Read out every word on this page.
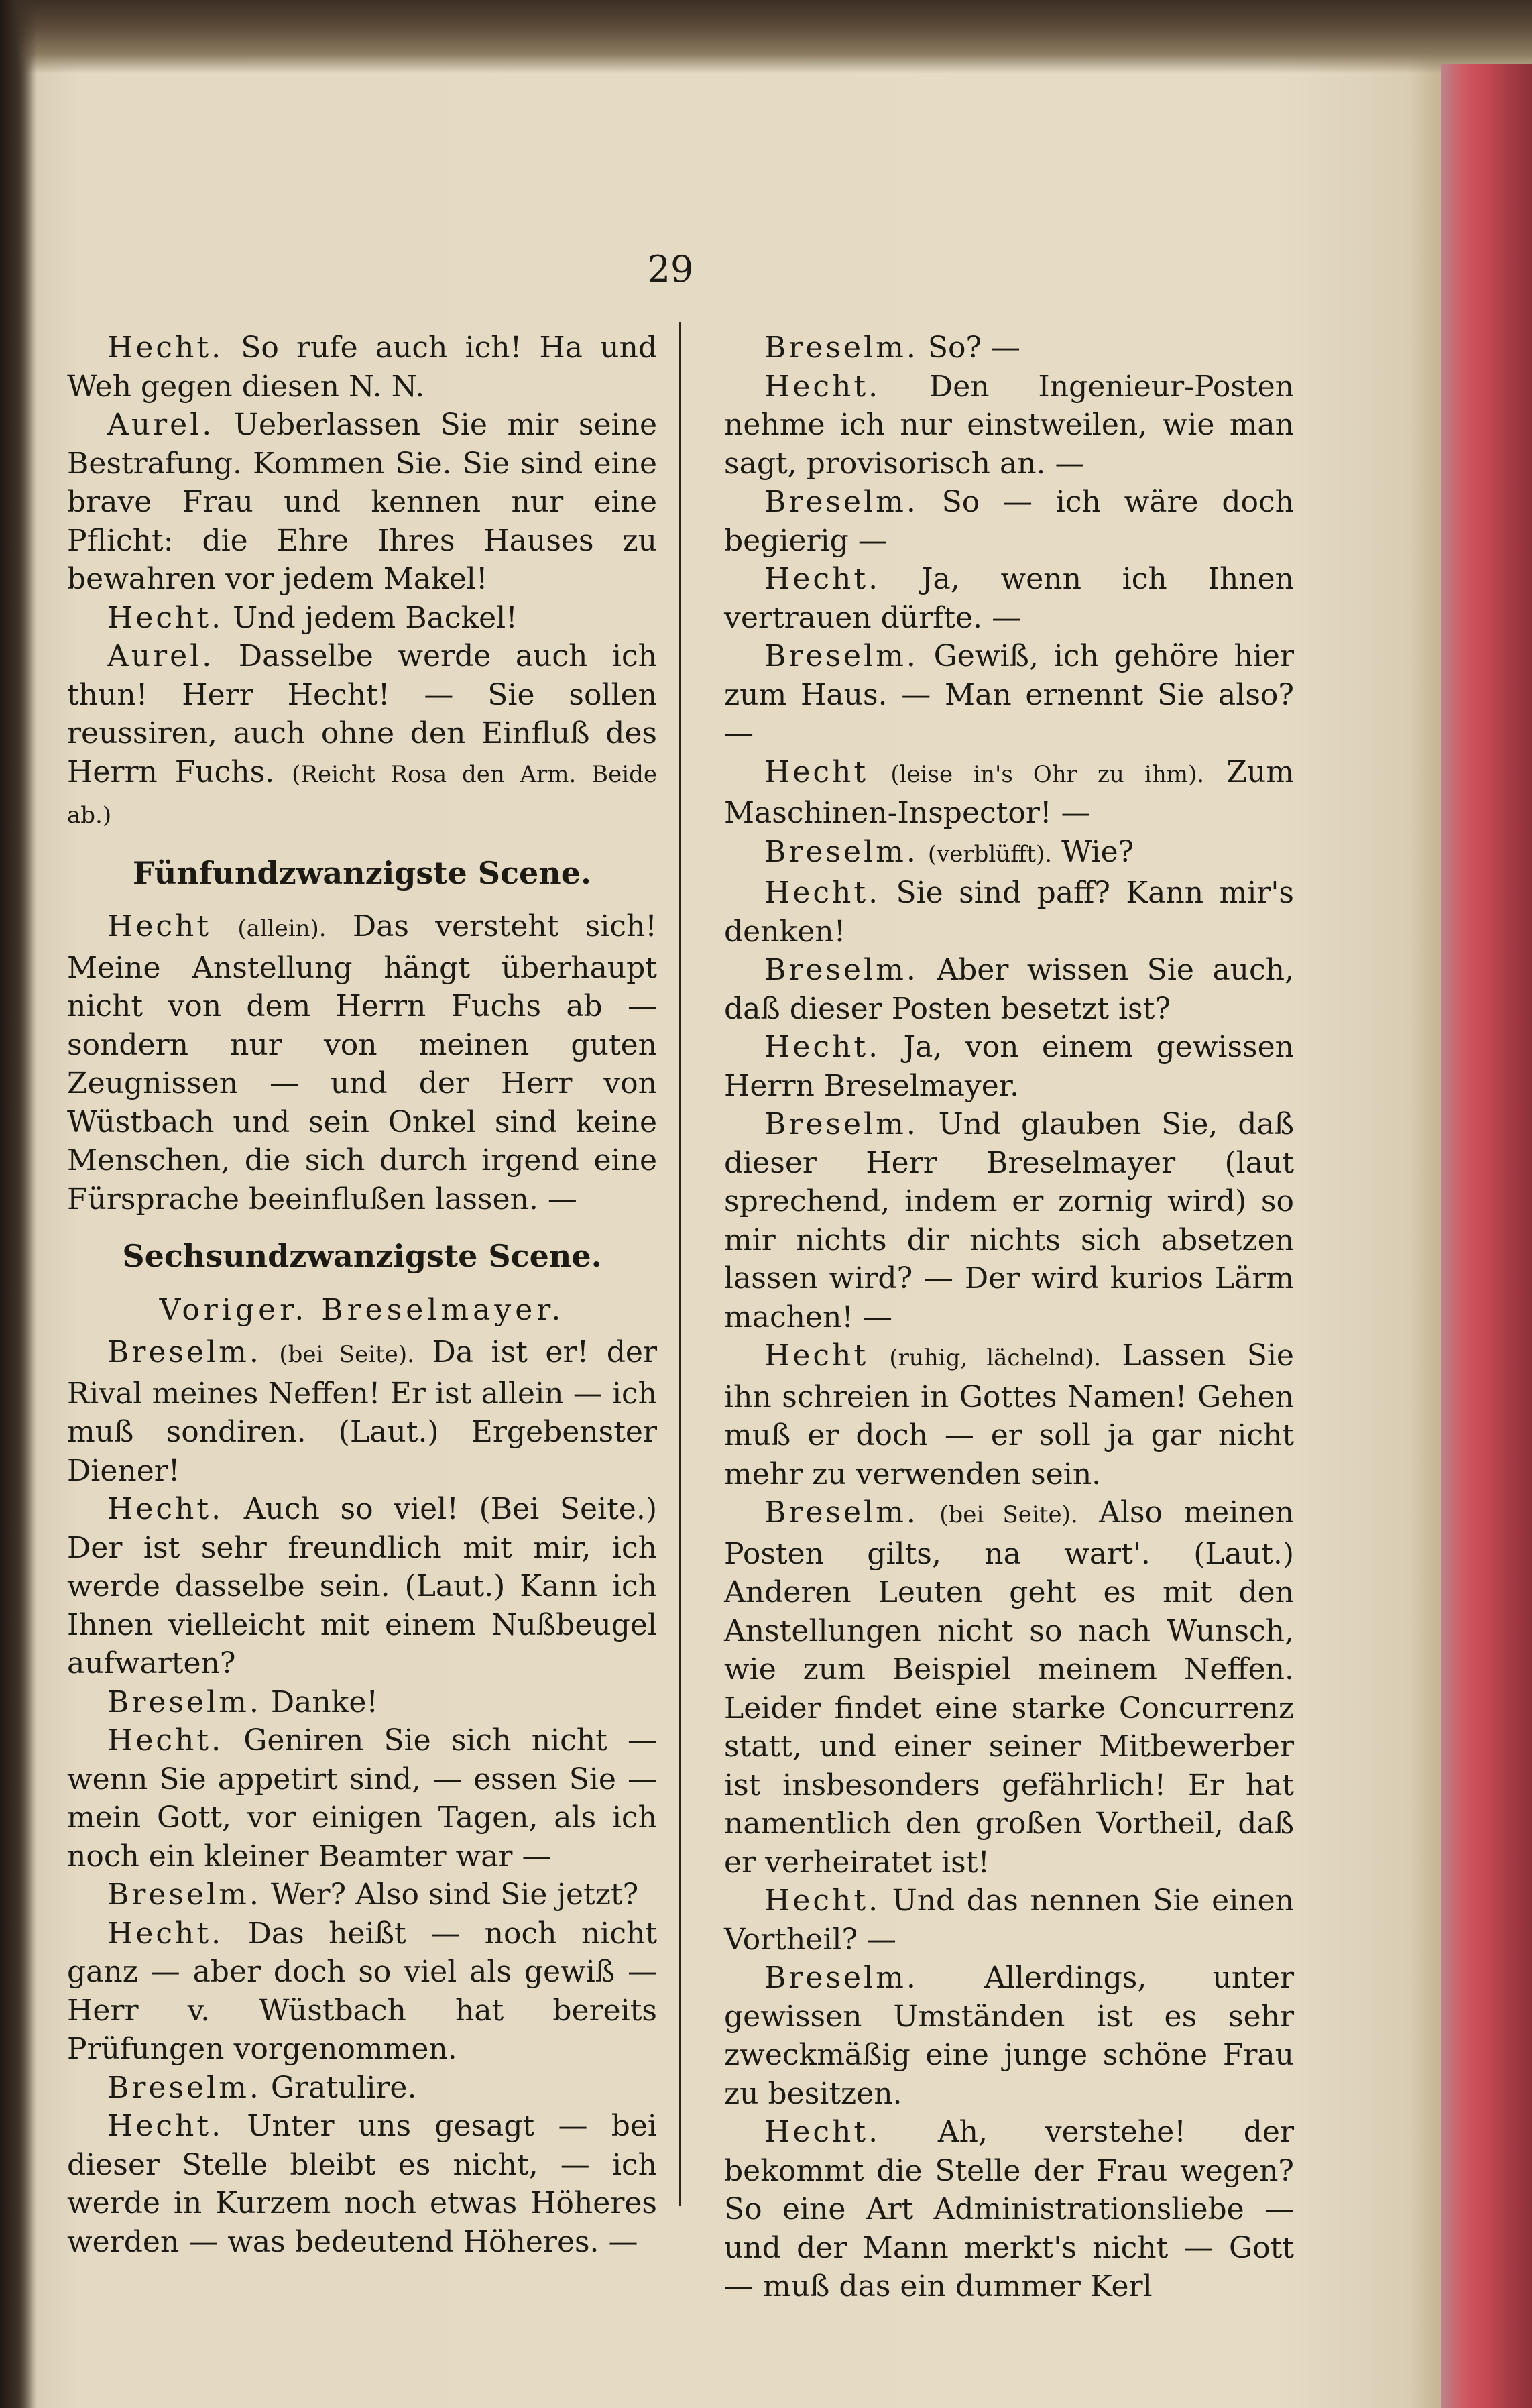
29

Hecht. So rufe auch ich! Ha und Weh gegen diesen N. N.

Aurel. Ueberlassen Sie mir seine Bestrafung. Kommen Sie. Sie sind eine brave Frau und kennen nur eine Pflicht: die Ehre Ihres Hauses zu bewahren vor jedem Makel!

Hecht. Und jedem Backel!

Aurel. Dasselbe werde auch ich thun! Herr Hecht! — Sie sollen reussiren, auch ohne den Einfluß des Herrn Fuchs. (Reicht Rosa den Arm. Beide ab.)

Fünfundzwanzigste Scene.

Hecht (allein). Das versteht sich! Meine Anstellung hängt überhaupt nicht von dem Herrn Fuchs ab — sondern nur von meinen guten Zeugnissen — und der Herr von Wüstbach und sein Onkel sind keine Menschen, die sich durch irgend eine Fürsprache beeinflußen lassen. —

Sechsundzwanzigste Scene.
Voriger. Breselmayer.

Breselm. (bei Seite). Da ist er! der Rival meines Neffen! Er ist allein — ich muß sondiren. (Laut.) Ergebenster Diener!

Hecht. Auch so viel! (Bei Seite.) Der ist sehr freundlich mit mir, ich werde dasselbe sein. (Laut.) Kann ich Ihnen vielleicht mit einem Nußbeugel aufwarten?

Breselm. Danke!

Hecht. Geniren Sie sich nicht — wenn Sie appetirt sind, — essen Sie — mein Gott, vor einigen Tagen, als ich noch ein kleiner Beamter war —

Breselm. Wer? Also sind Sie jetzt?

Hecht. Das heißt — noch nicht ganz — aber doch so viel als gewiß — Herr v. Wüstbach hat bereits Prüfungen vorgenommen.

Breselm. Gratulire.

Hecht. Unter uns gesagt — bei dieser Stelle bleibt es nicht, — ich werde in Kurzem noch etwas Höheres werden — was bedeutend Höheres. —

Breselm. So? —

Hecht. Den Ingenieur-Posten nehme ich nur einstweilen, wie man sagt, provisorisch an. —

Breselm. So — ich wäre doch begierig —

Hecht. Ja, wenn ich Ihnen vertrauen dürfte. —

Breselm. Gewiß, ich gehöre hier zum Haus. — Man ernennt Sie also? —

Hecht (leise in's Ohr zu ihm). Zum Maschinen-Inspector! —

Breselm. (verblüfft). Wie?

Hecht. Sie sind paff? Kann mir's denken!

Breselm. Aber wissen Sie auch, daß dieser Posten besetzt ist?

Hecht. Ja, von einem gewissen Herrn Breselmayer.

Breselm. Und glauben Sie, daß dieser Herr Breselmayer (laut sprechend, indem er zornig wird) so mir nichts dir nichts sich absetzen lassen wird? — Der wird kurios Lärm machen! —

Hecht (ruhig, lächelnd). Lassen Sie ihn schreien in Gottes Namen! Gehen muß er doch — er soll ja gar nicht mehr zu verwenden sein.

Breselm. (bei Seite). Also meinen Posten gilts, na wart'. (Laut.) Anderen Leuten geht es mit den Anstellungen nicht so nach Wunsch, wie zum Beispiel meinem Neffen. Leider findet eine starke Concurrenz statt, und einer seiner Mitbewerber ist insbesonders gefährlich! Er hat namentlich den großen Vortheil, daß er verheiratet ist!

Hecht. Und das nennen Sie einen Vortheil? —

Breselm. Allerdings, unter gewissen Umständen ist es sehr zweckmäßig eine junge schöne Frau zu besitzen.

Hecht. Ah, verstehe! der bekommt die Stelle der Frau wegen? So eine Art Administrationsliebe — und der Mann merkt's nicht — Gott — muß das ein dummer Kerl
